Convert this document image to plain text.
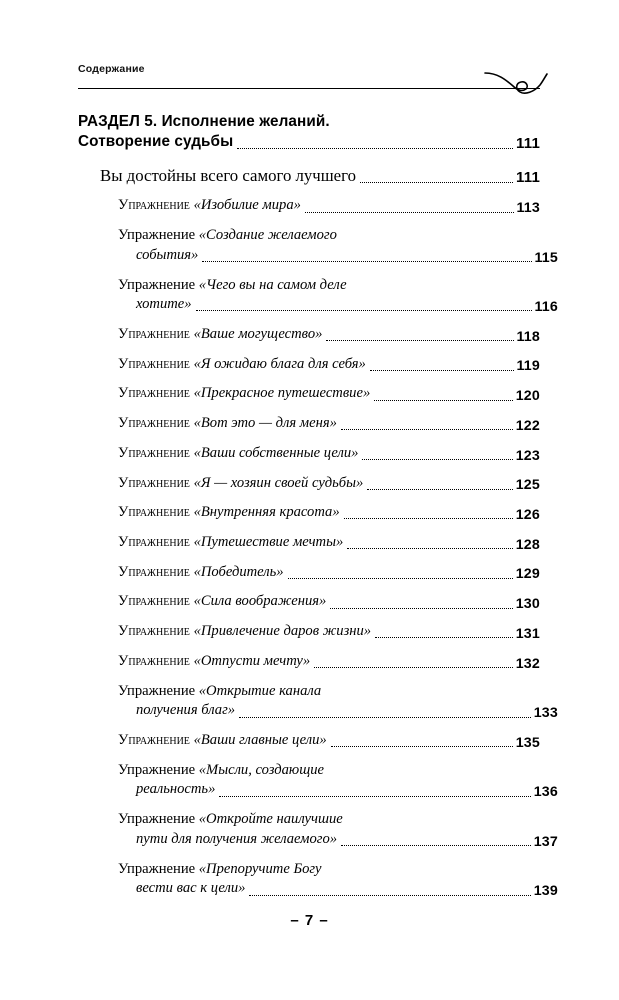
Содержание
РАЗДЕЛ 5. Исполнение желаний.
Сотворение судьбы	111
Вы достойны всего самого лучшего	111
Упражнение «Изобилие мира»	113
Упражнение «Создание желаемого
события»	115
Упражнение «Чего вы на самом деле
хотите»	116
Упражнение «Ваше могущество»	118
Упражнение «Я ожидаю блага для себя»	119
Упражнение «Прекрасное путешествие»	120
Упражнение «Вот это — для меня»	122
Упражнение «Ваши собственные цели»	123
Упражнение «Я — хозяин своей судьбы»	125
Упражнение «Внутренняя красота»	126
Упражнение «Путешествие мечты»	128
Упражнение «Победитель»	129
Упражнение «Сила воображения»	130
Упражнение «Привлечение даров жизни»	131
Упражнение «Отпусти мечту»	132
Упражнение «Открытие канала
получения благ»	133
Упражнение «Ваши главные цели»	135
Упражнение «Мысли, создающие
реальность»	136
Упражнение «Откройте наилучшие
пути для получения желаемого»	137
Упражнение «Препоручите Богу
вести вас к цели»	139
– 7 –
